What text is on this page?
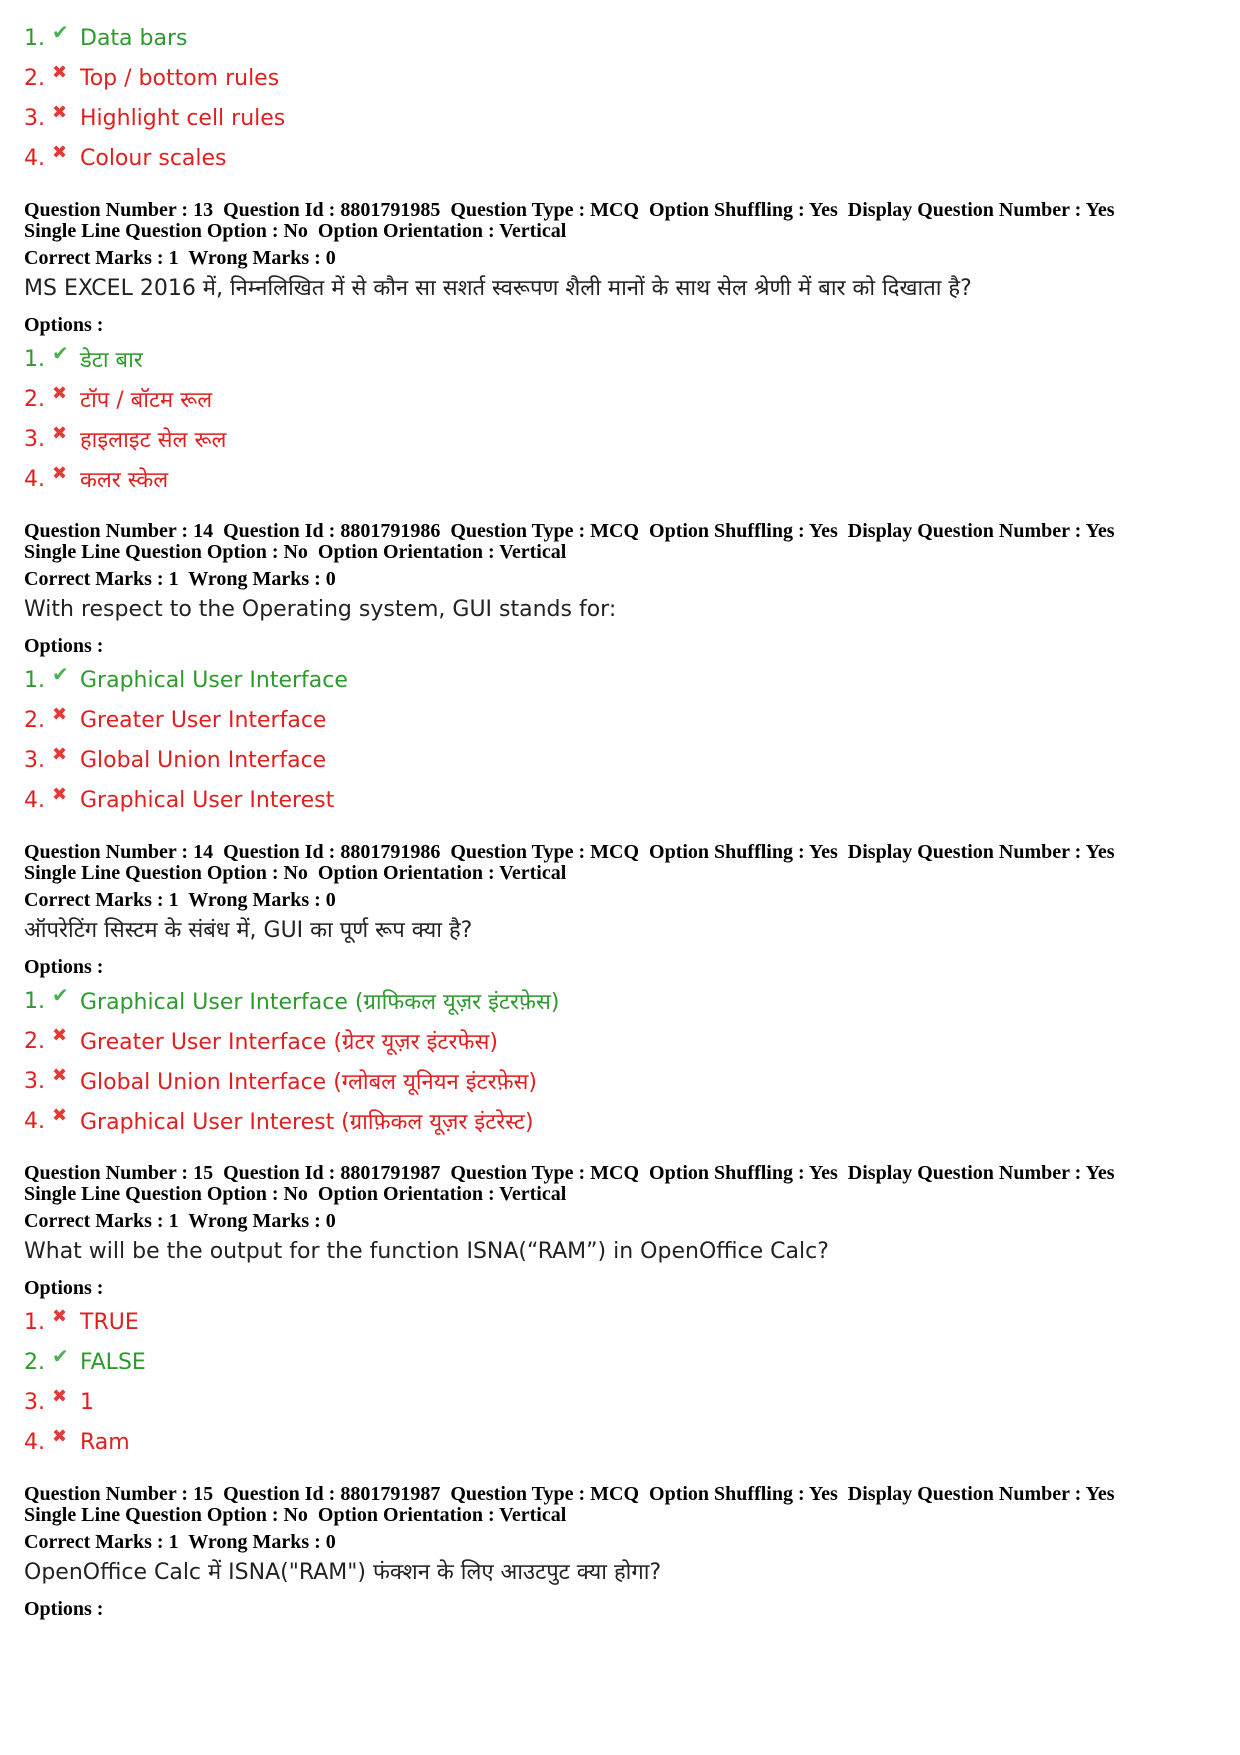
1. ✔ Data bars
2. ✖ Top / bottom rules
3. ✖ Highlight cell rules
4. ✖ Colour scales
Question Number : 13  Question Id : 8801791985  Question Type : MCQ  Option Shuffling : Yes  Display Question Number : Yes
Single Line Question Option : No  Option Orientation : Vertical
Correct Marks : 1  Wrong Marks : 0
MS EXCEL 2016 में, निम्नलिखित में से कौन सा सशर्त स्वरूपण शैली मानों के साथ सेल श्रेणी में बार को दिखाता है?
Options :
1. ✔ डेटा बार
2. ✖ टॉप / बॉटम रूल
3. ✖ हाइलाइट सेल रूल
4. ✖ कलर स्केल
Question Number : 14  Question Id : 8801791986  Question Type : MCQ  Option Shuffling : Yes  Display Question Number : Yes
Single Line Question Option : No  Option Orientation : Vertical
Correct Marks : 1  Wrong Marks : 0
With respect to the Operating system, GUI stands for:
Options :
1. ✔ Graphical User Interface
2. ✖ Greater User Interface
3. ✖ Global Union Interface
4. ✖ Graphical User Interest
Question Number : 14  Question Id : 8801791986  Question Type : MCQ  Option Shuffling : Yes  Display Question Number : Yes
Single Line Question Option : No  Option Orientation : Vertical
Correct Marks : 1  Wrong Marks : 0
ऑपरेटिंग सिस्टम के संबंध में, GUI का पूर्ण रूप क्या है?
Options :
1. ✔ Graphical User Interface (ग्राफिकल यूज़र इंटरफ़ेस)
2. ✖ Greater User Interface (ग्रेटर यूज़र इंटरफेस)
3. ✖ Global Union Interface (ग्लोबल यूनियन इंटरफ़ेस)
4. ✖ Graphical User Interest (ग्राफ़िकल यूज़र इंटरेस्ट)
Question Number : 15  Question Id : 8801791987  Question Type : MCQ  Option Shuffling : Yes  Display Question Number : Yes
Single Line Question Option : No  Option Orientation : Vertical
Correct Marks : 1  Wrong Marks : 0
What will be the output for the function ISNA(“RAM”) in OpenOffice Calc?
Options :
1. ✖ TRUE
2. ✔ FALSE
3. ✖ 1
4. ✖ Ram
Question Number : 15  Question Id : 8801791987  Question Type : MCQ  Option Shuffling : Yes  Display Question Number : Yes
Single Line Question Option : No  Option Orientation : Vertical
Correct Marks : 1  Wrong Marks : 0
OpenOffice Calc में ISNA("RAM") फंक्शन के लिए आउटपुट क्या होगा?
Options :
